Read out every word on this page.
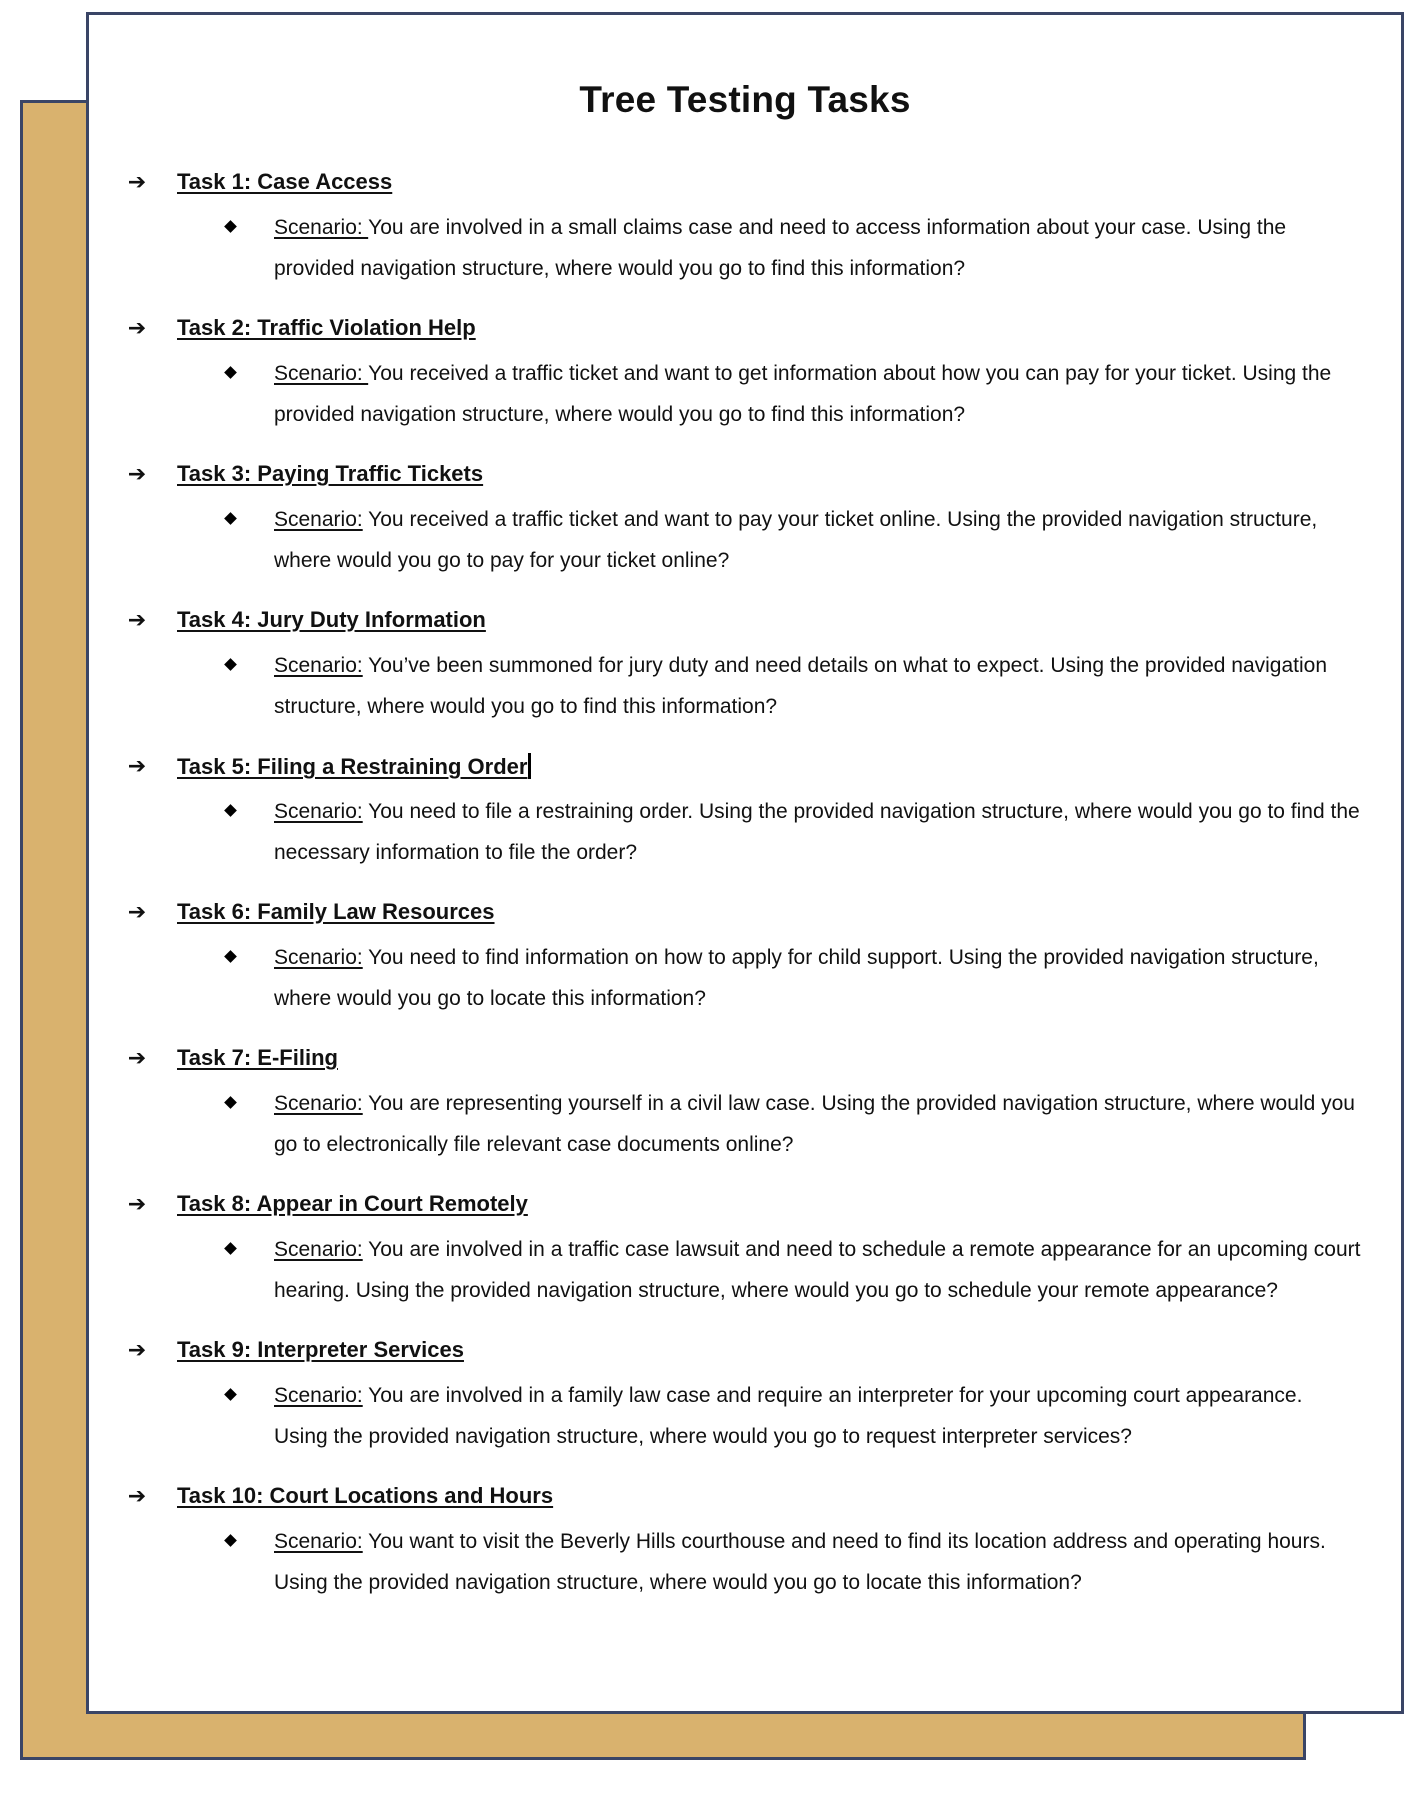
Tree Testing Tasks
➔ Task 1: Case Access

Scenario: You are involved in a small claims case and need to access information about your case. Using the provided navigation structure, where would you go to find this information?

➔ Task 2: Traffic Violation Help

Scenario: You received a traffic ticket and want to get information about how you can pay for your ticket. Using the provided navigation structure, where would you go to find this information?

➔ Task 3: Paying Traffic Tickets

Scenario: You received a traffic ticket and want to pay your ticket online. Using the provided navigation structure, where would you go to pay for your ticket online?

➔ Task 4: Jury Duty Information

Scenario: You’ve been summoned for jury duty and need details on what to expect. Using the provided navigation structure, where would you go to find this information?

➔ Task 5: Filing a Restraining Order

Scenario: You need to file a restraining order. Using the provided navigation structure, where would you go to find the necessary information to file the order?

➔ Task 6: Family Law Resources

Scenario: You need to find information on how to apply for child support. Using the provided navigation structure, where would you go to locate this information?

➔ Task 7: E-Filing

Scenario: You are representing yourself in a civil law case. Using the provided navigation structure, where would you go to electronically file relevant case documents online?

➔ Task 8: Appear in Court Remotely

Scenario: You are involved in a traffic case lawsuit and need to schedule a remote appearance for an upcoming court hearing. Using the provided navigation structure, where would you go to schedule your remote appearance?

➔ Task 9: Interpreter Services

Scenario: You are involved in a family law case and require an interpreter for your upcoming court appearance. Using the provided navigation structure, where would you go to request interpreter services?

➔ Task 10: Court Locations and Hours

Scenario: You want to visit the Beverly Hills courthouse and need to find its location address and operating hours. Using the provided navigation structure, where would you go to locate this information?
